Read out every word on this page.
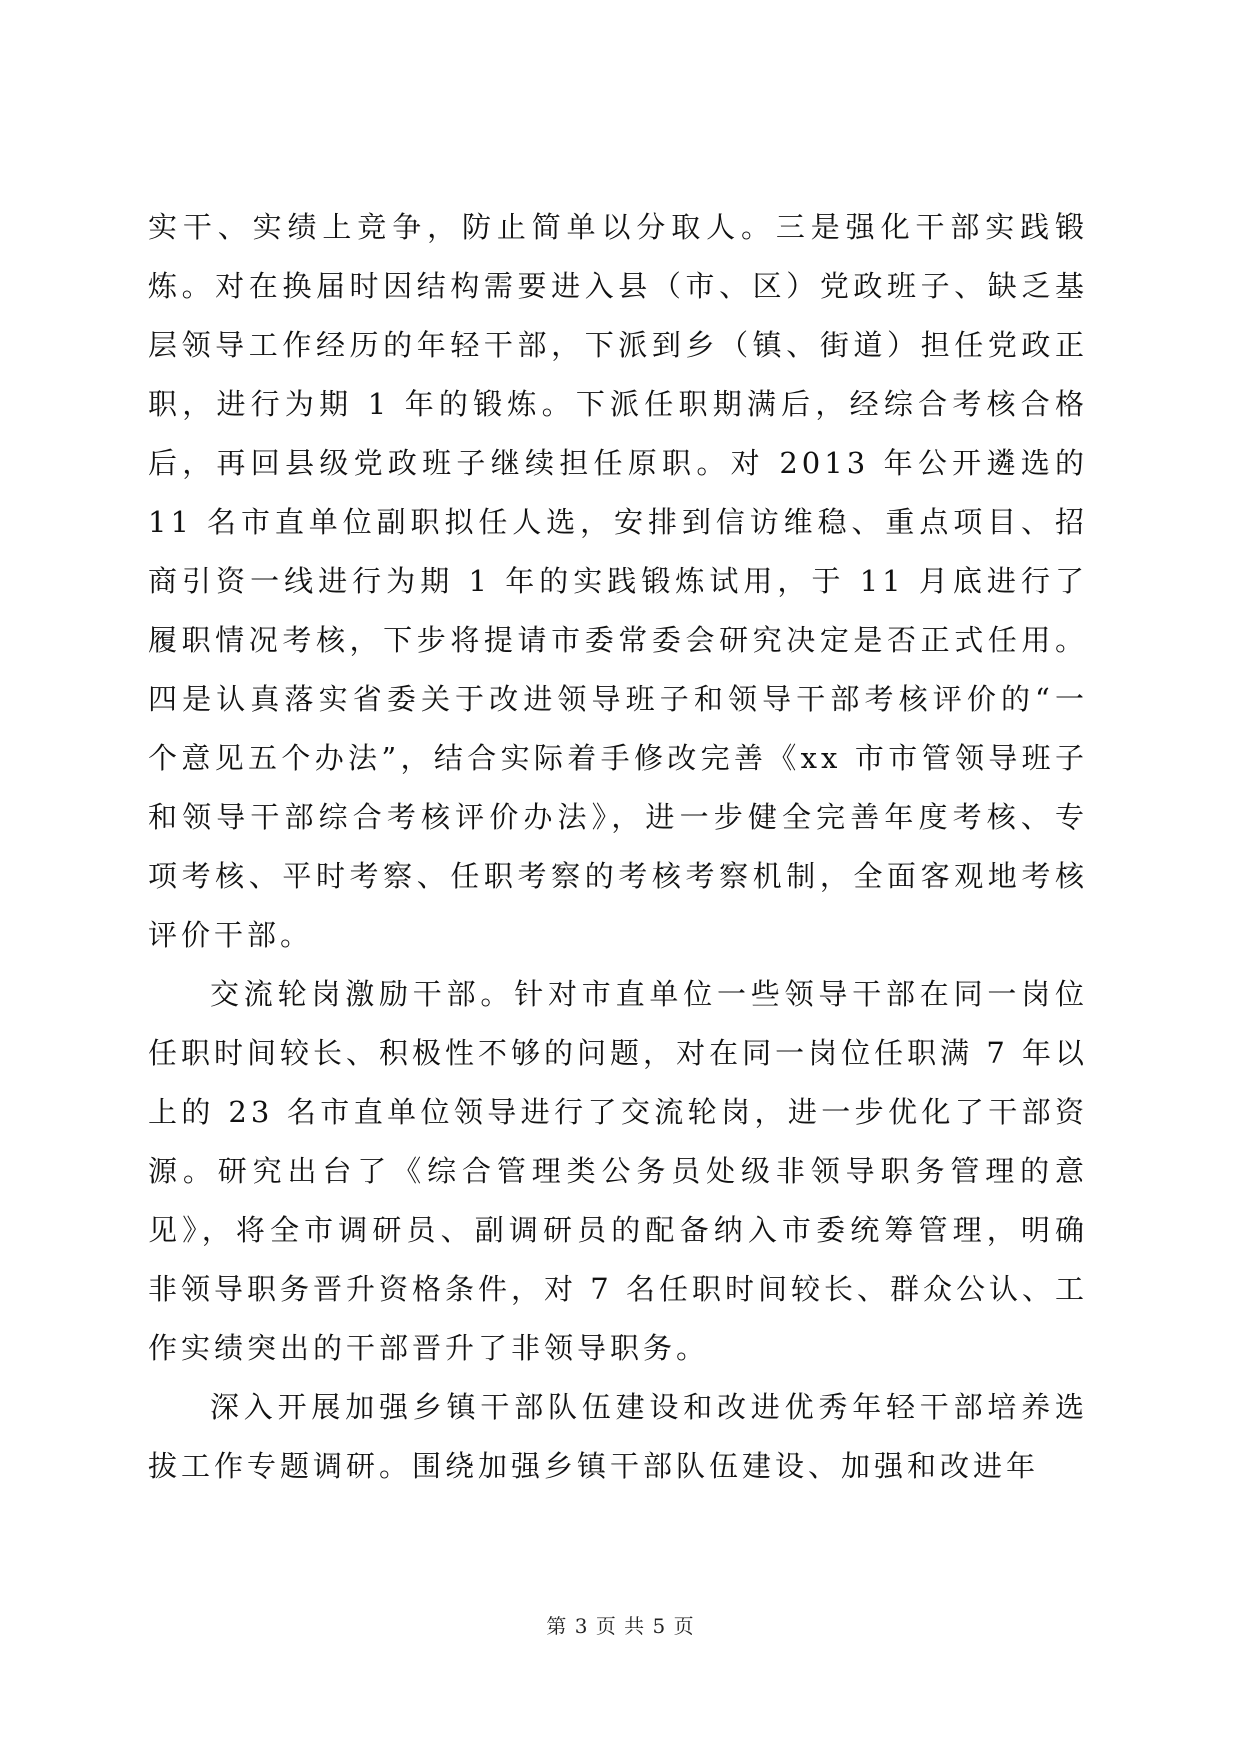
实干、实绩上竞争，防止简单以分取人。三是强化干部实践锻炼。对在换届时因结构需要进入县（市、区）党政班子、缺乏基层领导工作经历的年轻干部，下派到乡（镇、街道）担任党政正职，进行为期 1 年的锻炼。下派任职期满后，经综合考核合格后，再回县级党政班子继续担任原职。对 2013 年公开遴选的 11 名市直单位副职拟任人选，安排到信访维稳、重点项目、招商引资一线进行为期 1 年的实践锻炼试用，于 11 月底进行了履职情况考核，下步将提请市委常委会研究决定是否正式任用。四是认真落实省委关于改进领导班子和领导干部考核评价的“一个意见五个办法”，结合实际着手修改完善《xx 市市管领导班子和领导干部综合考核评价办法》，进一步健全完善年度考核、专项考核、平时考察、任职考察的考核考察机制，全面客观地考核评价干部。

交流轮岗激励干部。针对市直单位一些领导干部在同一岗位任职时间较长、积极性不够的问题，对在同一岗位任职满 7 年以上的 23 名市直单位领导进行了交流轮岗，进一步优化了干部资源。研究出台了《综合管理类公务员处级非领导职务管理的意见》，将全市调研员、副调研员的配备纳入市委统筹管理，明确非领导职务晋升资格条件，对 7 名任职时间较长、群众公认、工作实绩突出的干部晋升了非领导职务。

深入开展加强乡镇干部队伍建设和改进优秀年轻干部培养选拔工作专题调研。围绕加强乡镇干部队伍建设、加强和改进年

第 3 页 共 5 页
